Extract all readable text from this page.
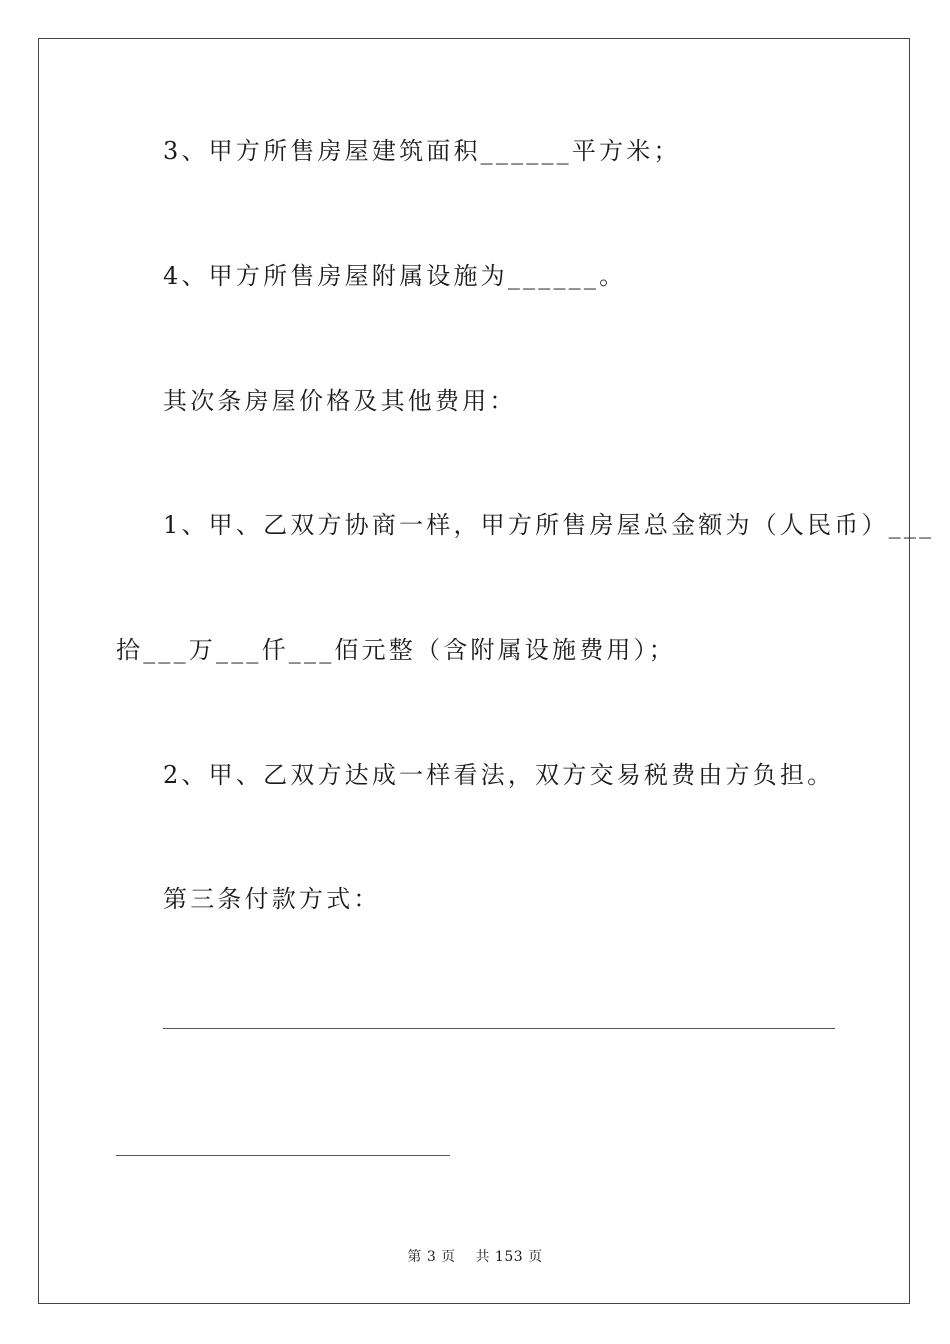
3、甲方所售房屋建筑面积______平方米；
4、甲方所售房屋附属设施为______。
其次条房屋价格及其他费用：
1、甲、乙双方协商一样，甲方所售房屋总金额为（人民币）___
拾___万___仟___佰元整（含附属设施费用）；
2、甲、乙双方达成一样看法，双方交易税费由方负担。
第三条付款方式：
第 3 页    共 153 页
